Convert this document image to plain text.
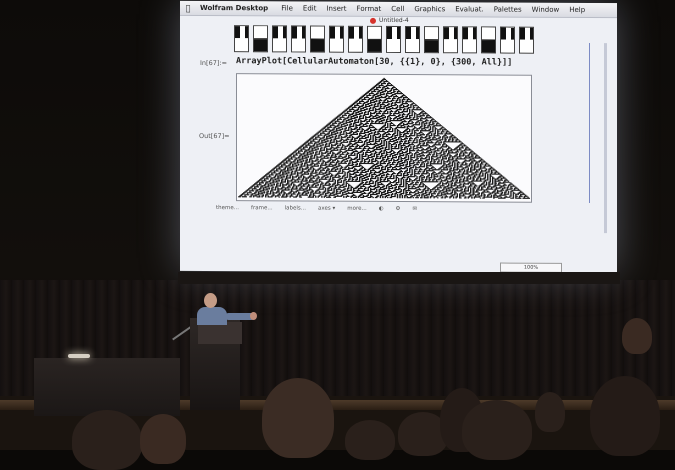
Wolfram Desktop	File	Edit	Insert	Format	Cell	Graphics	Evaluat.	Palettes	Window	Help
Untitled-4
In[67]:= ArrayPlot[CellularAutomaton[30, {{1}, 0}, {300, All}]]
Out[67]=
theme... frame... labels... axes ▾ more... ◐ ⚙ ✉
100%
